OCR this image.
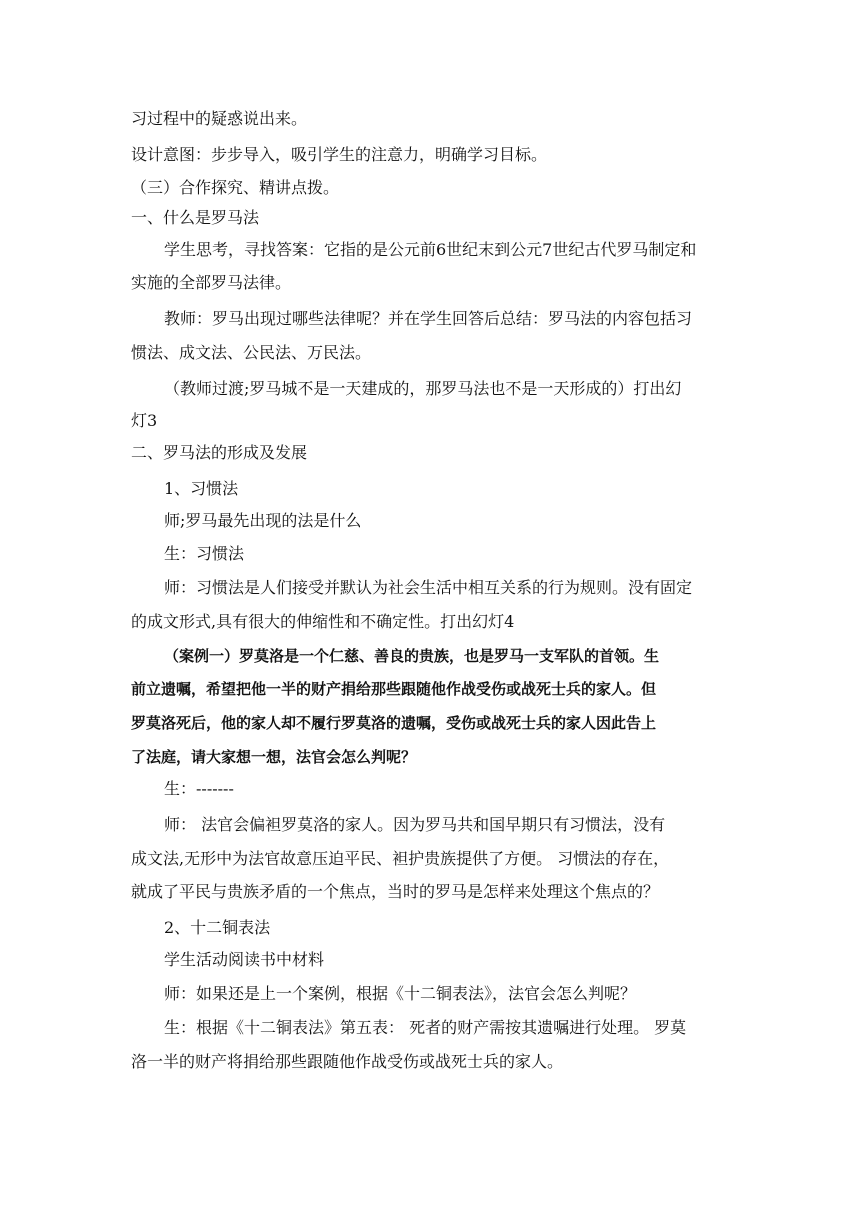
习过程中的疑惑说出来。
设计意图：步步导入，吸引学生的注意力，明确学习目标。
（三）合作探究、精讲点拨。
一、什么是罗马法
学生思考，寻找答案：它指的是公元前6世纪末到公元7世纪古代罗马制定和
实施的全部罗马法律。
教师：罗马出现过哪些法律呢？并在学生回答后总结：罗马法的内容包括习
惯法、成文法、公民法、万民法。
（教师过渡;罗马城不是一天建成的，那罗马法也不是一天形成的）打出幻
灯3
二、罗马法的形成及发展
1、习惯法
师;罗马最先出现的法是什么
生：习惯法
师：习惯法是人们接受并默认为社会生活中相互关系的行为规则。没有固定
的成文形式,具有很大的伸缩性和不确定性。打出幻灯4
（案例一）罗莫洛是一个仁慈、善良的贵族，也是罗马一支军队的首领。生
前立遗嘱，希望把他一半的财产捐给那些跟随他作战受伤或战死士兵的家人。但
罗莫洛死后，他的家人却不履行罗莫洛的遗嘱，受伤或战死士兵的家人因此告上
了法庭，请大家想一想，法官会怎么判呢？
生：-------
师： 法官会偏袒罗莫洛的家人。因为罗马共和国早期只有习惯法，没有
成文法,无形中为法官故意压迫平民、袒护贵族提供了方便。 习惯法的存在，
就成了平民与贵族矛盾的一个焦点，当时的罗马是怎样来处理这个焦点的？
2、十二铜表法
学生活动阅读书中材料
师：如果还是上一个案例，根据《十二铜表法》，法官会怎么判呢？
生：根据《十二铜表法》第五表： 死者的财产需按其遗嘱进行处理。 罗莫
洛一半的财产将捐给那些跟随他作战受伤或战死士兵的家人。
